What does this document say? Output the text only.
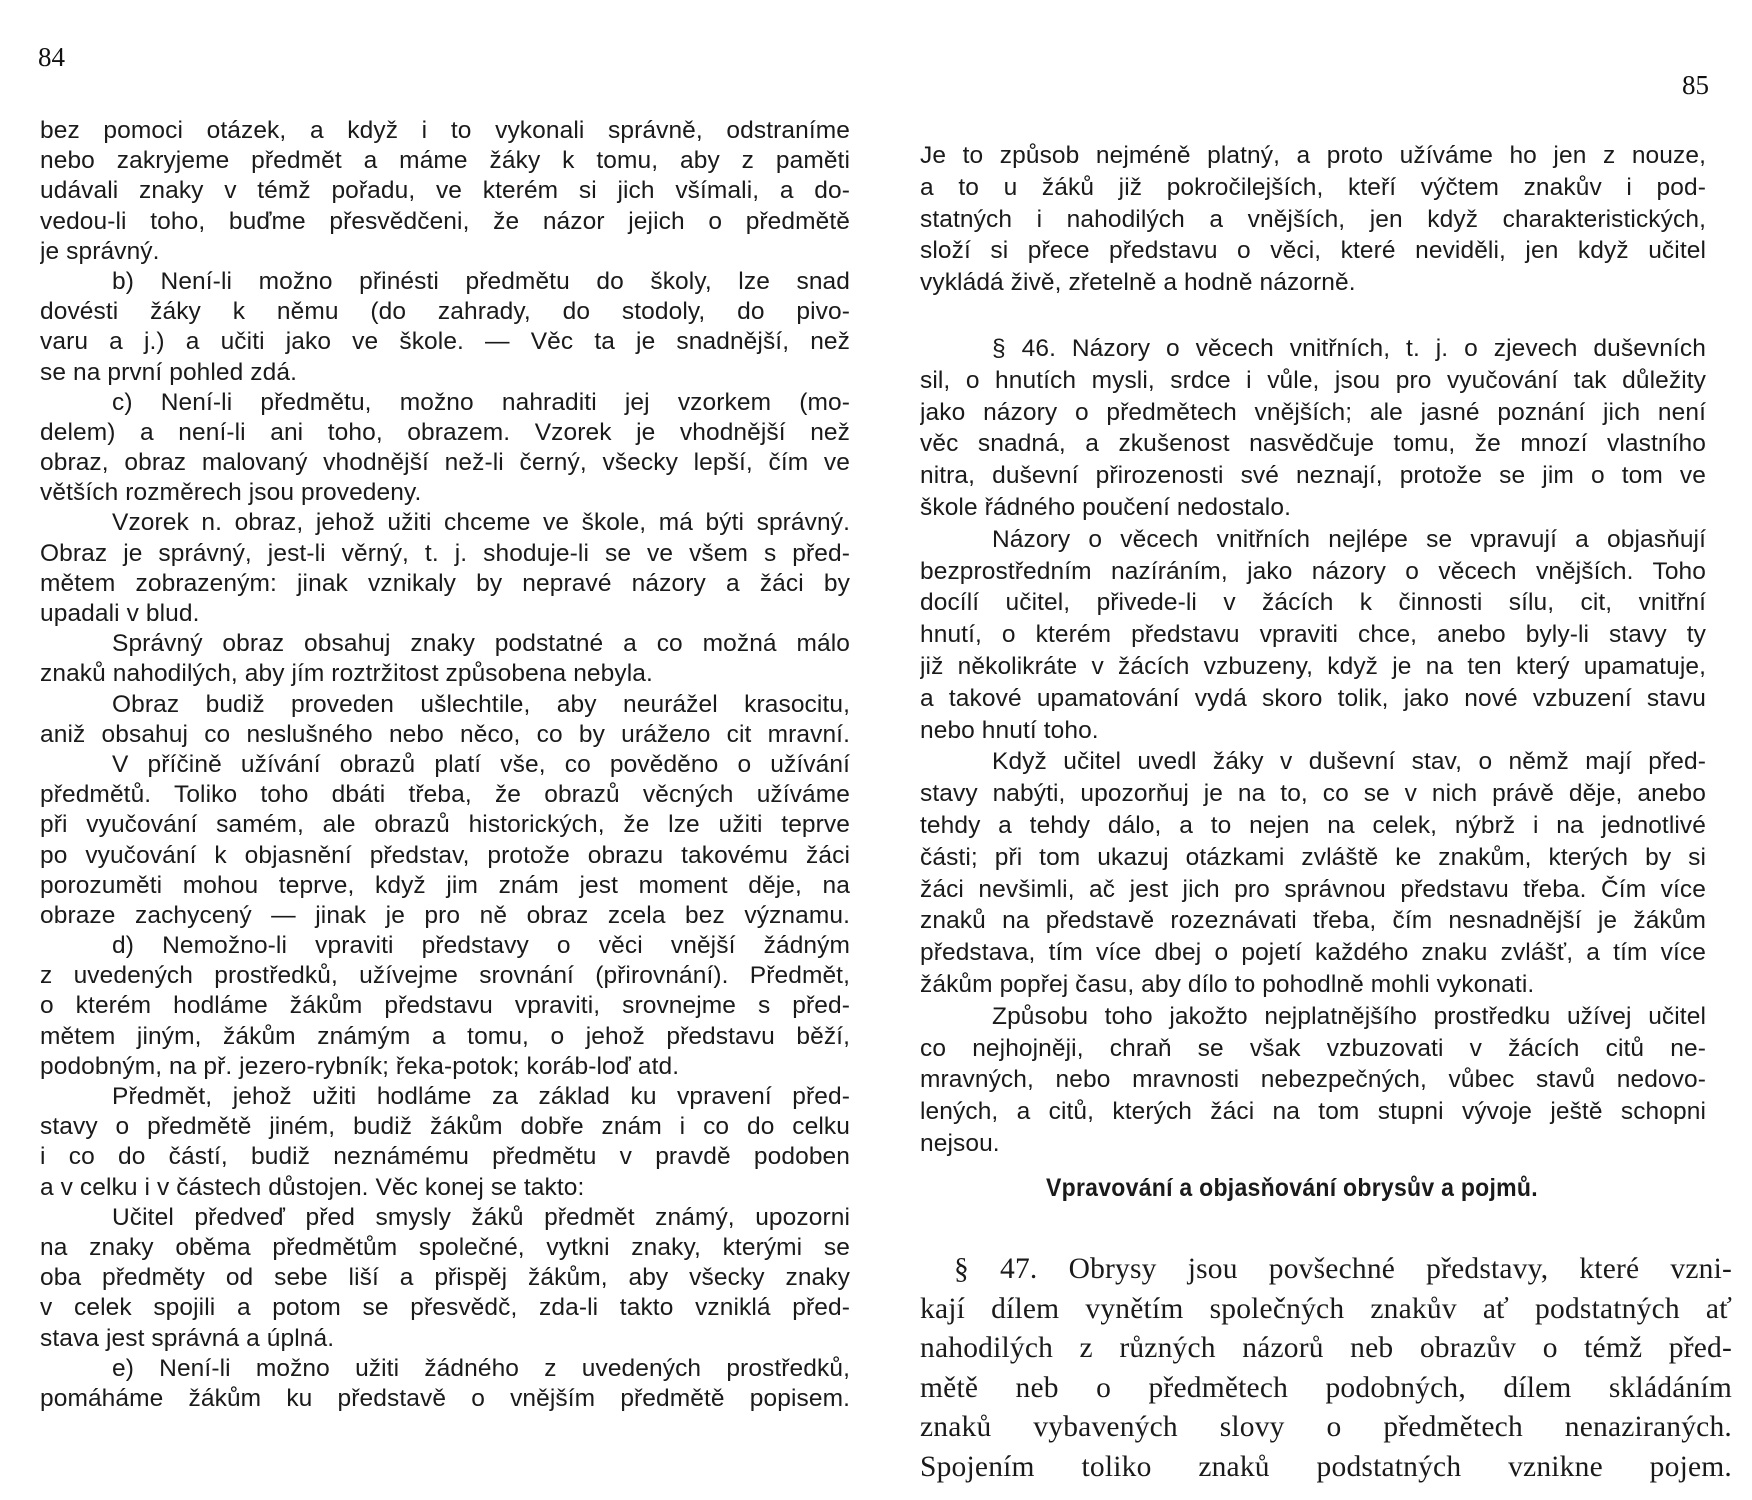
84
bez pomoci otázek, a když i to vykonali správně, odstraníme
nebo zakryjeme předmět a máme žáky k tomu, aby z paměti
udávali znaky v témž pořadu, ve kterém si jich všímali, a do-
vedou-li toho, buďme přesvědčeni, že názor jejich o předmětě
je správný.
b) Není-li možno přinésti předmětu do školy, lze snad
dovésti žáky k němu (do zahrady, do stodoly, do pivo-
varu a j.) a učiti jako ve škole. — Věc ta je snadnější, než
se na první pohled zdá.
c) Není-li předmětu, možno nahraditi jej vzorkem (mo-
delem) a není-li ani toho, obrazem. Vzorek je vhodnější než
obraz, obraz malovaný vhodnější než-li černý, všecky lepší, čím ve
větších rozměrech jsou provedeny.
Vzorek n. obraz, jehož užiti chceme ve škole, má býti správný.
Obraz je správný, jest-li věrný, t. j. shoduje-li se ve všem s před-
mětem zobrazeným: jinak vznikaly by nepravé názory a žáci by
upadali v blud.
Správný obraz obsahuj znaky podstatné a co možná málo
znaků nahodilých, aby jím roztržitost způsobena nebyla.
Obraz budiž proveden ušlechtile, aby neurážel krasocitu,
aniž obsahuj co neslušného nebo něco, co by urážело cit mravní.
V příčině užívání obrazů platí vše, co pověděno o užívání
předmětů. Toliko toho dbáti třeba, že obrazů věcných užíváme
při vyučování samém, ale obrazů historických, že lze užiti teprve
po vyučování k objasnění představ, protože obrazu takovému žáci
porozuměti mohou teprve, když jim znám jest moment děje, na
obraze zachycený — jinak je pro ně obraz zcela bez významu.
d) Nemožno-li vpraviti představy o věci vnější žádným
z uvedených prostředků, užívejme srovnání (přirovnání). Předmět,
o kterém hodláme žákům představu vpraviti, srovnejme s před-
mětem jiným, žákům známým a tomu, o jehož představu běží,
podobným, na př. jezero-rybník; řeka-potok; koráb-loď atd.
Předmět, jehož užiti hodláme za základ ku vpravení před-
stavy o předmětě jiném, budiž žákům dobře znám i co do celku
i co do částí, budiž neznámému předmětu v pravdě podoben
a v celku i v částech důstojen. Věc konej se takto:
Učitel předveď před smysly žáků předmět známý, upozorni
na znaky oběma předmětům společné, vytkni znaky, kterými se
oba předměty od sebe liší a přispěj žákům, aby všecky znaky
v celek spojili a potom se přesvědč, zda-li takto vzniklá před-
stava jest správná a úplná.
e) Není-li možno užiti žádného z uvedených prostředků,
pomáháme žákům ku představě o vnějším předmětě popisem.
85
Je to způsob nejméně platný, a proto užíváme ho jen z nouze,
a to u žáků již pokročilejších, kteří výčtem znakův i pod-
statných i nahodilých a vnějších, jen když charakteristických,
složí si přece představu o věci, které neviděli, jen když učitel
vykládá živě, zřetelně a hodně názorně.
§ 46. Názory o věcech vnitřních, t. j. o zjevech duševních
sil, o hnutích mysli, srdce i vůle, jsou pro vyučování tak důležity
jako názory o předmětech vnějších; ale jasné poznání jich není
věc snadná, a zkušenost nasvědčuje tomu, že mnozí vlastního
nitra, duševní přirozenosti své neznají, protože se jim o tom ve
škole řádného poučení nedostalo.
Názory o věcech vnitřních nejlépe se vpravují a objasňují
bezprostředním nazíráním, jako názory o věcech vnějších. Toho
docílí učitel, přivede-li v žácích k činnosti sílu, cit, vnitřní
hnutí, o kterém představu vpraviti chce, anebo byly-li stavy ty
již několikráte v žácích vzbuzeny, když je na ten který upamatuje,
a takové upamatování vydá skoro tolik, jako nové vzbuzení stavu
nebo hnutí toho.
Když učitel uvedl žáky v duševní stav, o němž mají před-
stavy nabýti, upozorňuj je na to, co se v nich právě děje, anebo
tehdy a tehdy dálo, a to nejen na celek, nýbrž i na jednotlivé
části; při tom ukazuj otázkami zvláště ke znakům, kterých by si
žáci nevšimli, ač jest jich pro správnou představu třeba. Čím více
znaků na představě rozeznávati třeba, čím nesnadnější je žákům
představa, tím více dbej o pojetí každého znaku zvlášť, a tím více
žákům popřej času, aby dílo to pohodlně mohli vykonati.
Způsobu toho jakožto nejplatnějšího prostředku užívej učitel
co nejhojněji, chraň se však vzbuzovati v žácích citů ne-
mravných, nebo mravnosti nebezpečných, vůbec stavů nedovo-
lených, a citů, kterých žáci na tom stupni vývoje ještě schopni
nejsou.
Vpravování a objasňování obrysův a pojmů.
§ 47. Obrysy jsou povšechné představy, které vzni-
kají dílem vynětím společných znakův ať podstatných ať
nahodilých z různých názorů neb obrazův o témž před-
mětě neb o předmětech podobných, dílem skládáním
znaků vybavených slovy o předmětech nenaziraných.
Spojením toliko znaků podstatných vznikne pojem.
